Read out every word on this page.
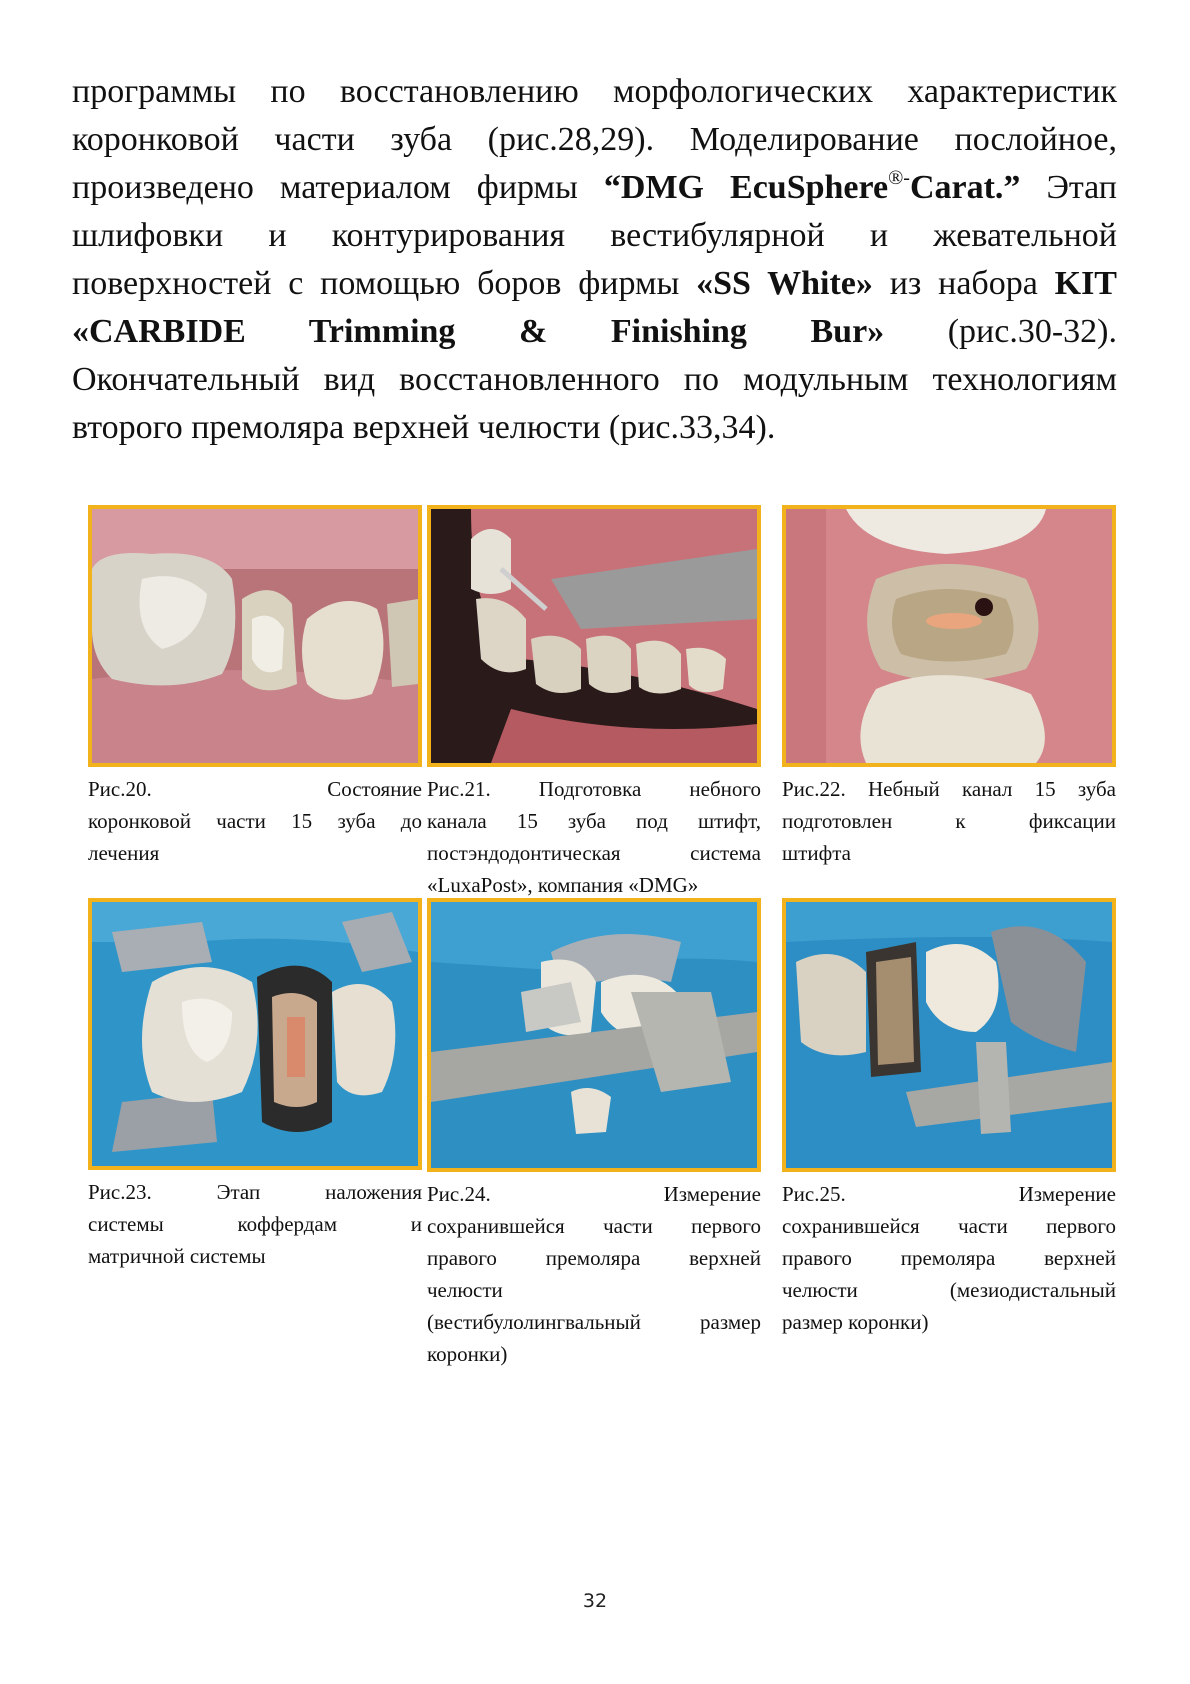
программы по восстановлению морфологических характеристик
коронковой части зуба (рис.28,29). Моделирование послойное,
произведено материалом фирмы “DMG EcuSphere®-Carat.” Этап
шлифовки и контурирования вестибулярной и жевательной
поверхностей с помощью боров фирмы «SS White» из набора KIT
«CARBIDE Trimming & Finishing Bur» (рис.30-32).
Окончательный вид восстановленного по модульным технологиям
второго премоляра верхней челюсти (рис.33,34).
Рис.20. Состояние
коронковой части 15 зуба до
лечения
Рис.21. Подготовка небного
канала 15 зуба под штифт,
постэндодонтическая система
«LuxaPost», компания «DMG»
Рис.22. Небный канал 15 зуба
подготовлен к фиксации
штифта
Рис.23. Этап наложения
системы коффердам и
матричной системы
Рис.24. Измерение
сохранившейся части первого
правого премоляра верхней
челюсти
(вестибулолингвальный размер
коронки)
Рис.25. Измерение
сохранившейся части первого
правого премоляра верхней
челюсти (мезиодистальный
размер коронки)
32
